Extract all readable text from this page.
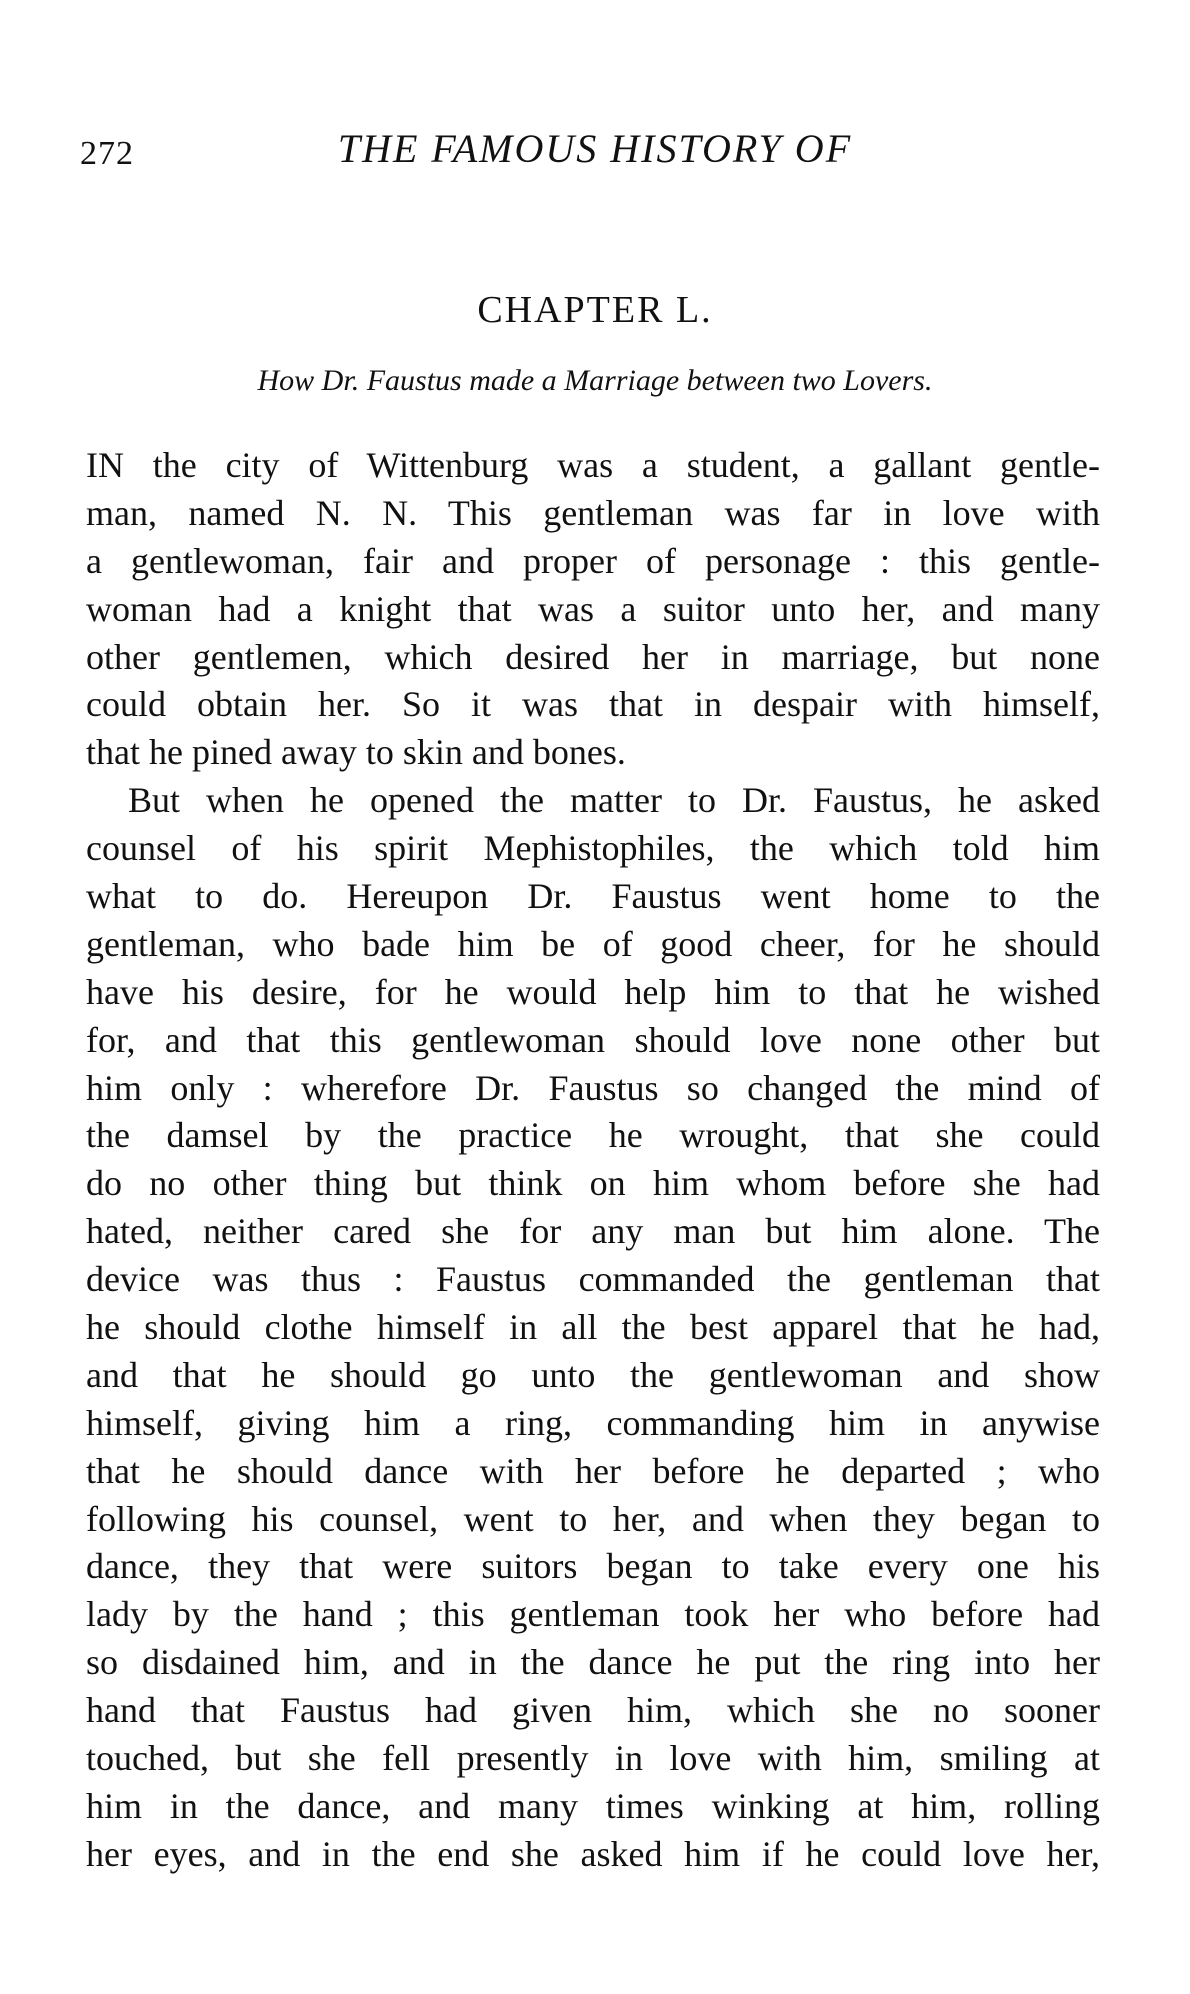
272	THE FAMOUS HISTORY OF
CHAPTER L.
How Dr. Faustus made a Marriage between two Lovers.
IN the city of Wittenburg was a student, a gallant gentle-
man, named N. N. This gentleman was far in love with
a gentlewoman, fair and proper of personage : this gentle-
woman had a knight that was a suitor unto her, and many
other gentlemen, which desired her in marriage, but none
could obtain her. So it was that in despair with himself,
that he pined away to skin and bones.
But when he opened the matter to Dr. Faustus, he asked
counsel of his spirit Mephistophiles, the which told him
what to do. Hereupon Dr. Faustus went home to the
gentleman, who bade him be of good cheer, for he should
have his desire, for he would help him to that he wished
for, and that this gentlewoman should love none other but
him only : wherefore Dr. Faustus so changed the mind of
the damsel by the practice he wrought, that she could
do no other thing but think on him whom before she had
hated, neither cared she for any man but him alone. The
device was thus : Faustus commanded the gentleman that
he should clothe himself in all the best apparel that he had,
and that he should go unto the gentlewoman and show
himself, giving him a ring, commanding him in anywise
that he should dance with her before he departed ; who
following his counsel, went to her, and when they began to
dance, they that were suitors began to take every one his
lady by the hand ; this gentleman took her who before had
so disdained him, and in the dance he put the ring into her
hand that Faustus had given him, which she no sooner
touched, but she fell presently in love with him, smiling at
him in the dance, and many times winking at him, rolling
her eyes, and in the end she asked him if he could love her,
